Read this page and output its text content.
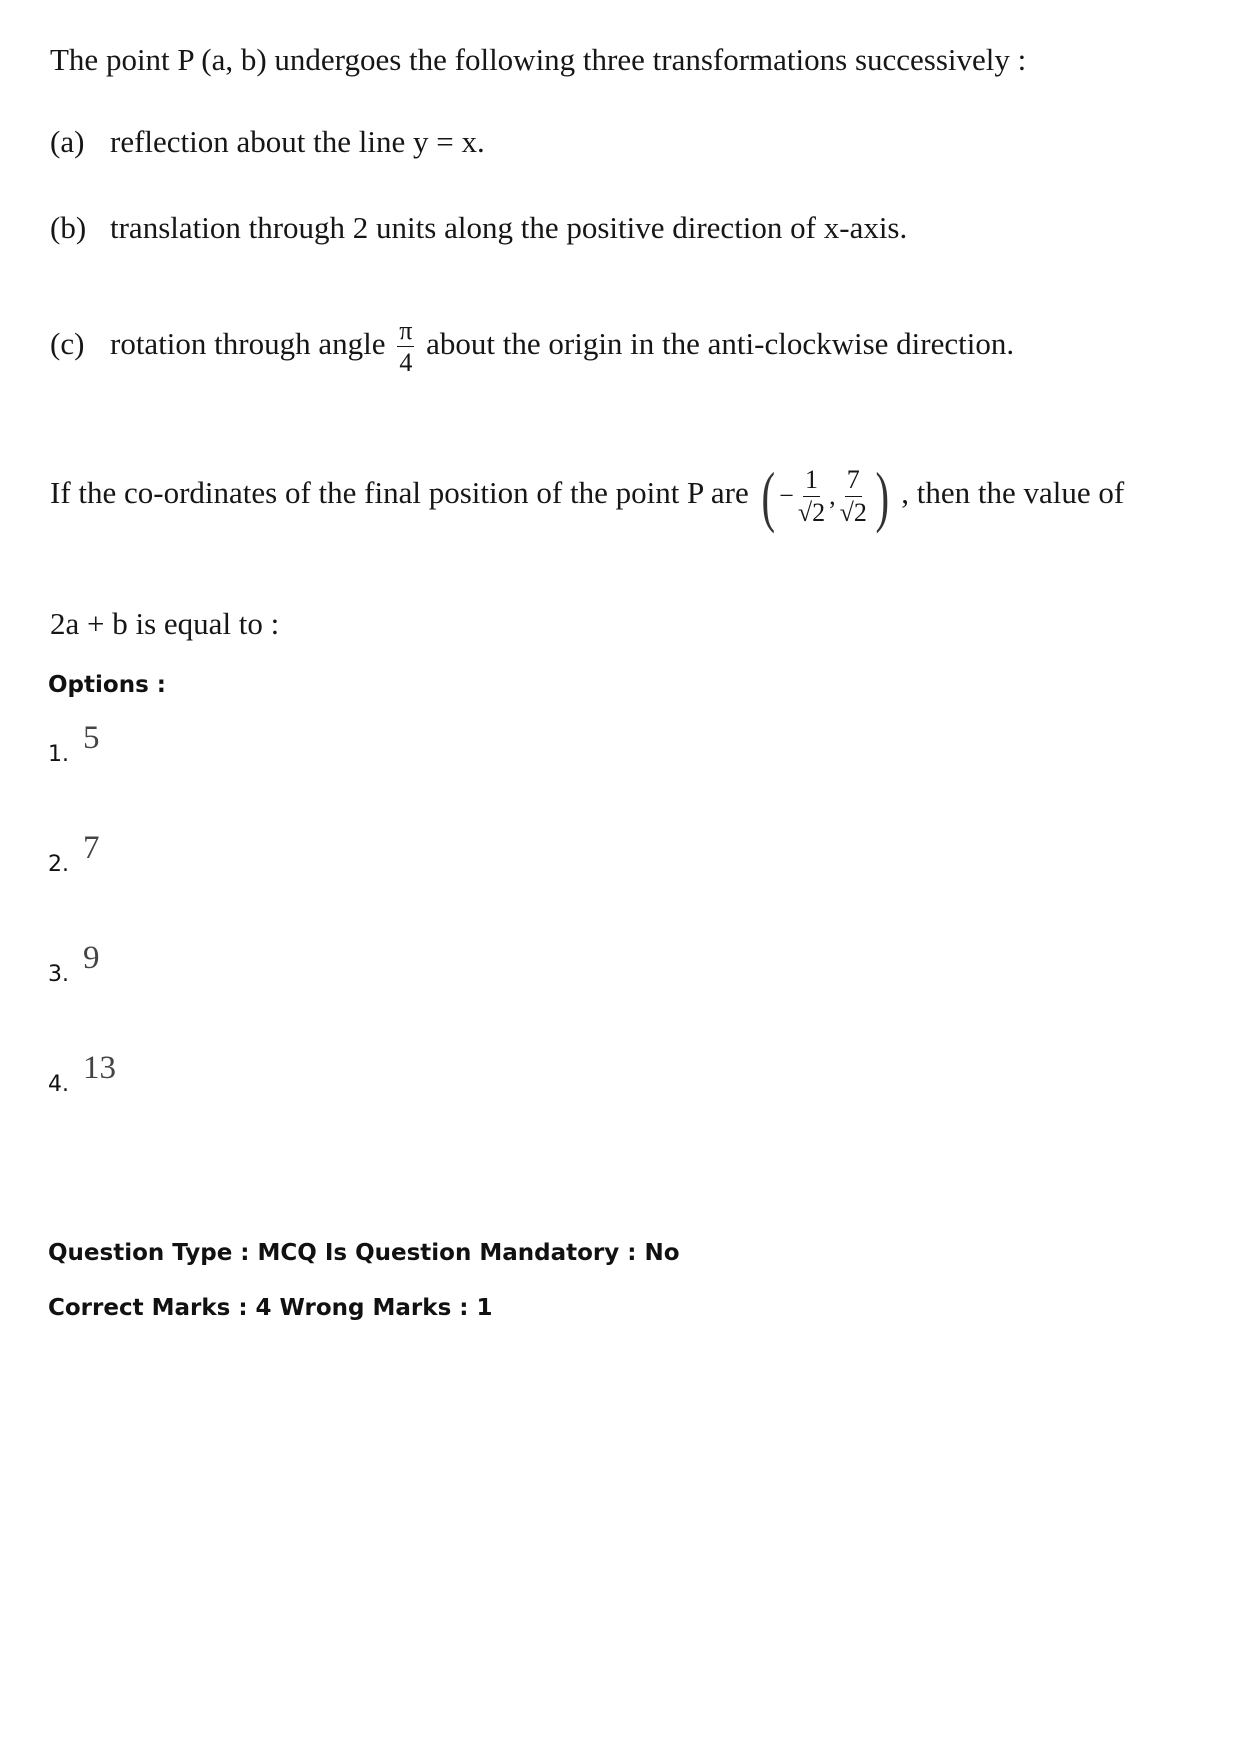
The point P (a, b) undergoes the following three transformations successively :
(a) reflection about the line y = x.
(b) translation through 2 units along the positive direction of x-axis.
(c) rotation through angle $\frac{\pi}{4}$ about the origin in the anti-clockwise direction.
If the co-ordinates of the final position of the point P are ( − $\frac{1}{√2}$ , $\frac{7}{√2}$ ) , then the value of
2a + b is equal to :
Options :
1. 5
2. 7
3. 9
4. 13
Question Type : MCQ Is Question Mandatory : No
Correct Marks : 4 Wrong Marks : 1
